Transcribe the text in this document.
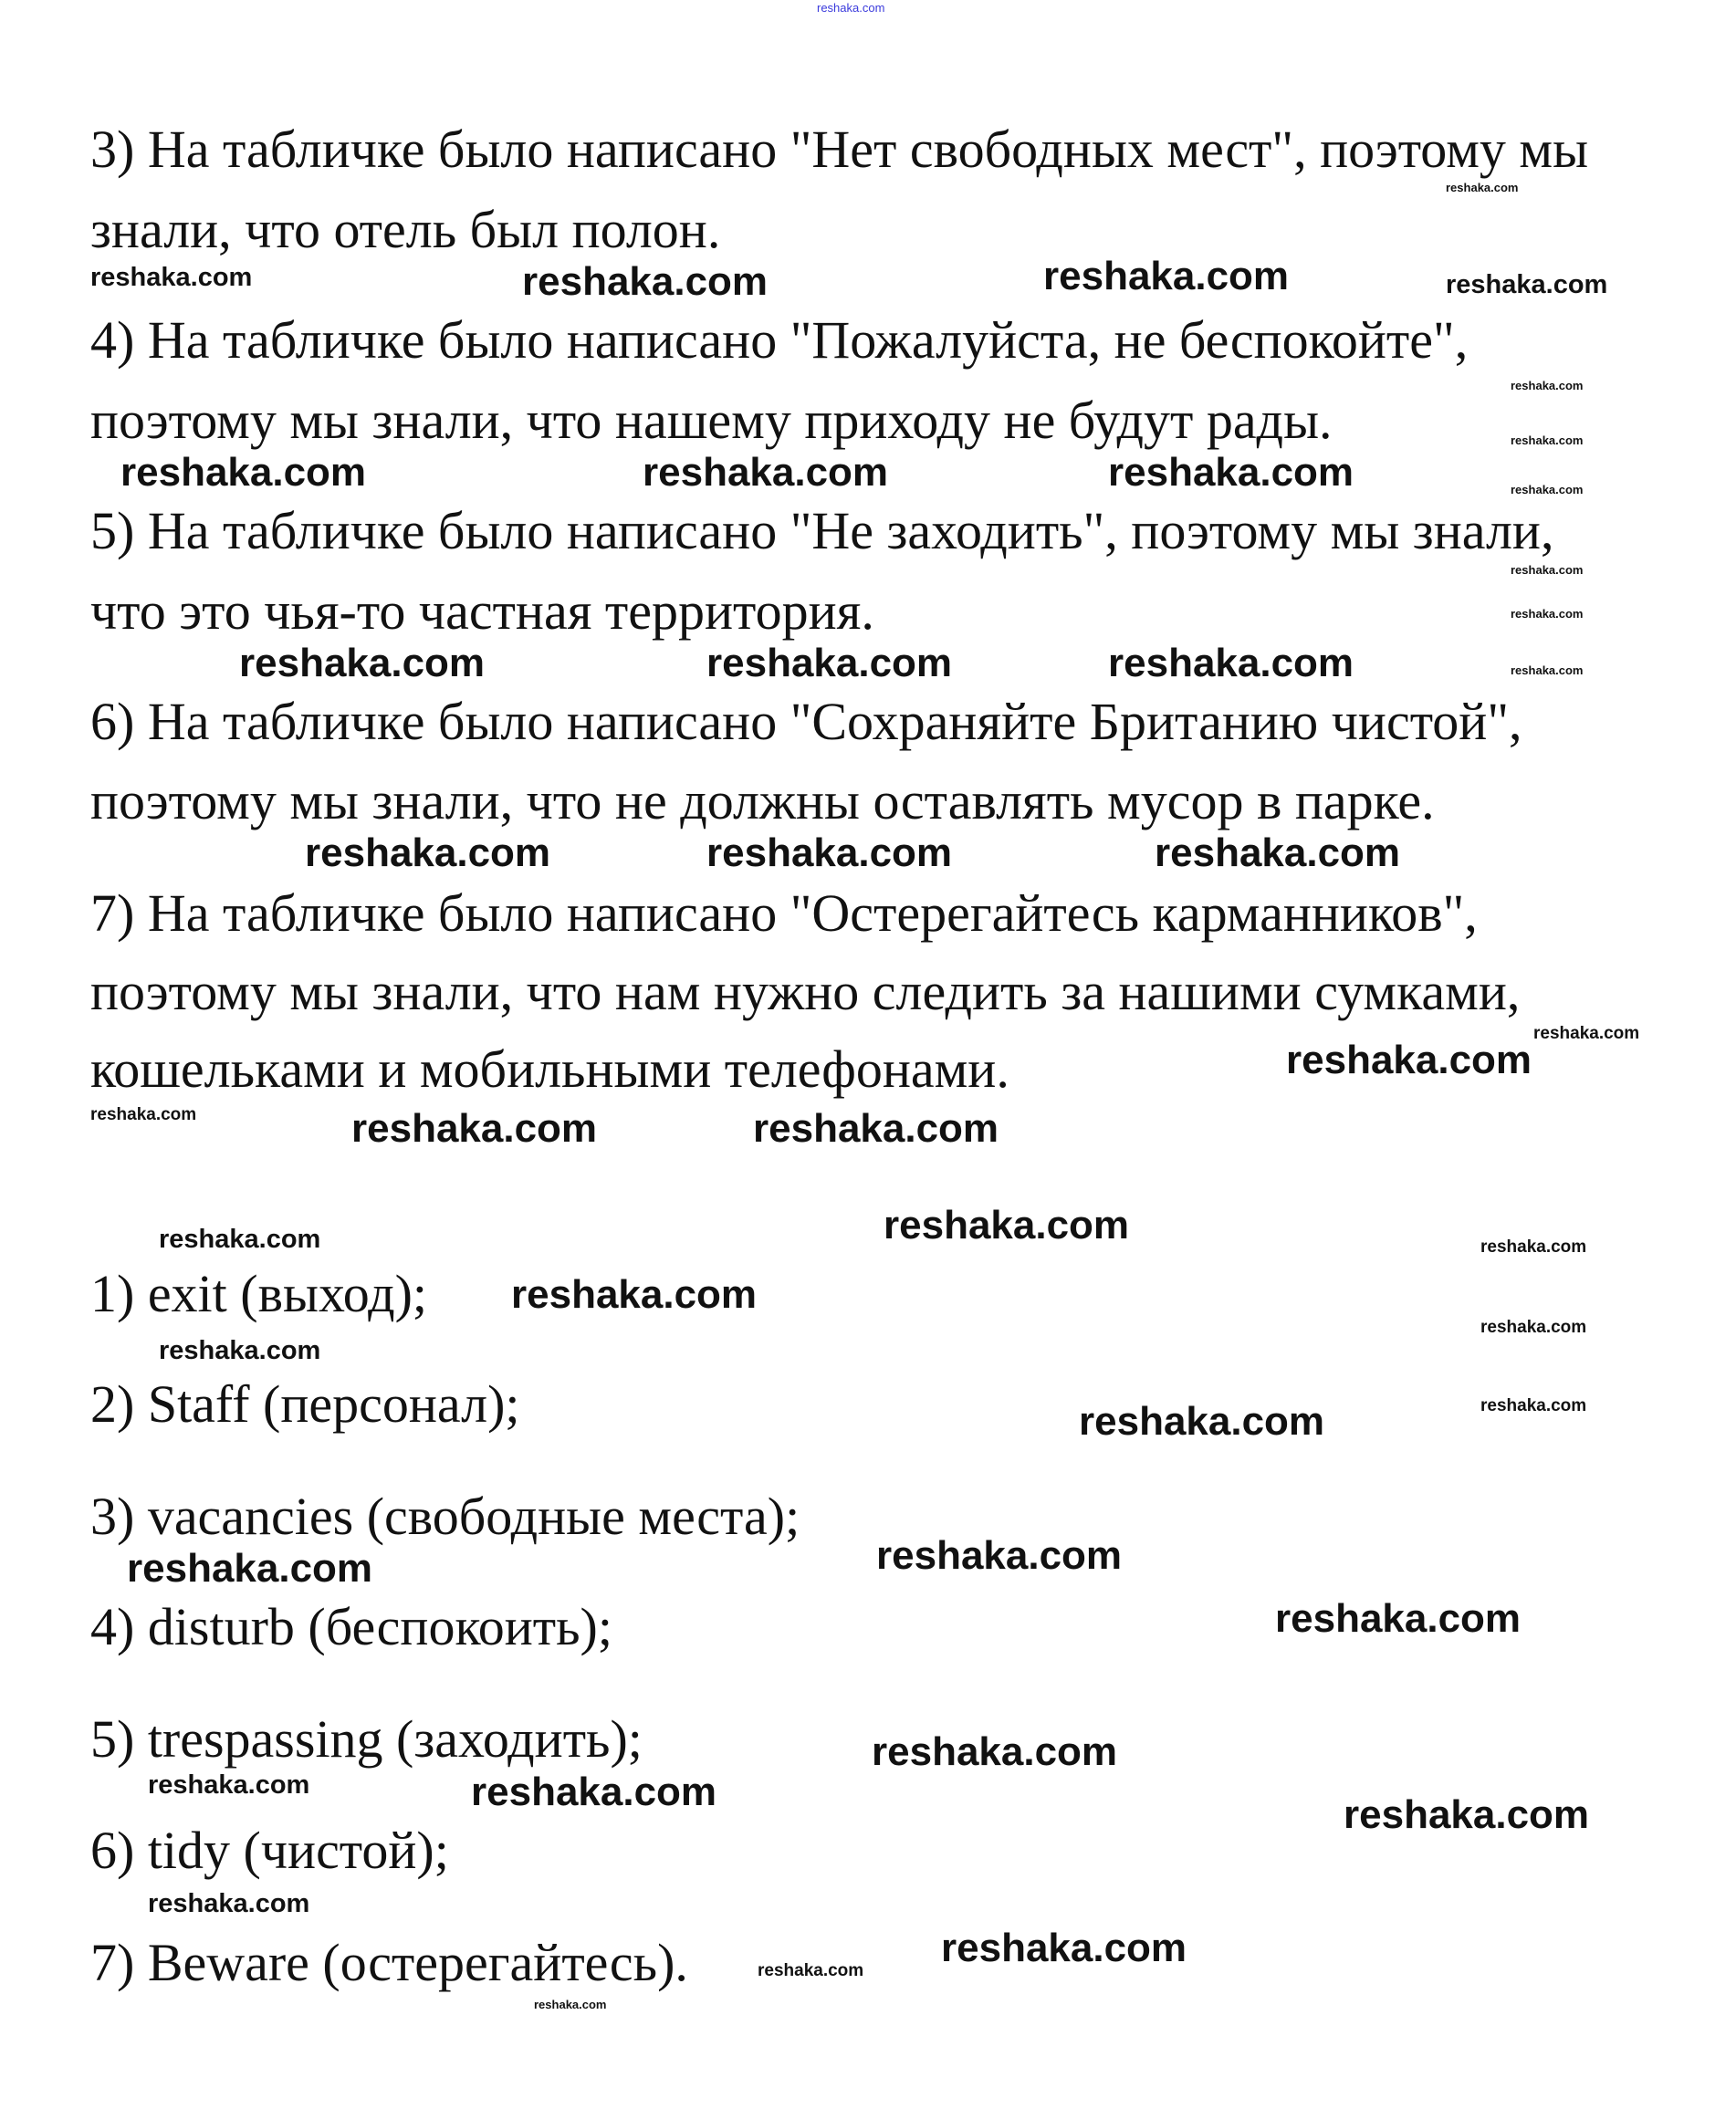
3) На табличке было написано "Нет свободных мест", поэтому мы
знали, что отель был полон.
4) На табличке было написано "Пожалуйста, не беспокойте",
поэтому мы знали, что нашему приходу не будут рады.
5) На табличке было написано "Не заходить", поэтому мы знали,
что это чья-то частная территория.
6) На табличке было написано "Сохраняйте Британию чистой",
поэтому мы знали, что не должны оставлять мусор в парке.
7) На табличке было написано "Остерегайтесь карманников",
поэтому мы знали, что нам нужно следить за нашими сумками,
кошельками и мобильными телефонами.
1) exit (выход);
2) Staff (персонал);
3) vacancies (свободные места);
4) disturb (беспокоить);
5) trespassing (заходить);
6) tidy (чистой);
7) Beware (остерегайтесь).
reshaka.com
reshaka.com	reshaka.com
reshaka.com
reshaka.com	reshaka.com
reshaka.com	reshaka.com
reshaka.com
reshaka.com
reshaka.com	reshaka.com
reshaka.com	reshaka.com
reshaka.com
reshaka.com
reshaka.com	reshaka.com
reshaka.com	reshaka.com	reshaka.com
reshaka.com
reshaka.com	reshaka.com
reshaka.com
reshaka.com
reshaka.com	reshaka.com	reshaka.com
reshaka.com
reshaka.com
reshaka.com
reshaka.com
reshaka.com
reshaka.com
reshaka.com
reshaka.com
reshaka.com
reshaka.com	reshaka.com
reshaka.com
reshaka.com
reshaka.com
reshaka.com
reshaka.com
